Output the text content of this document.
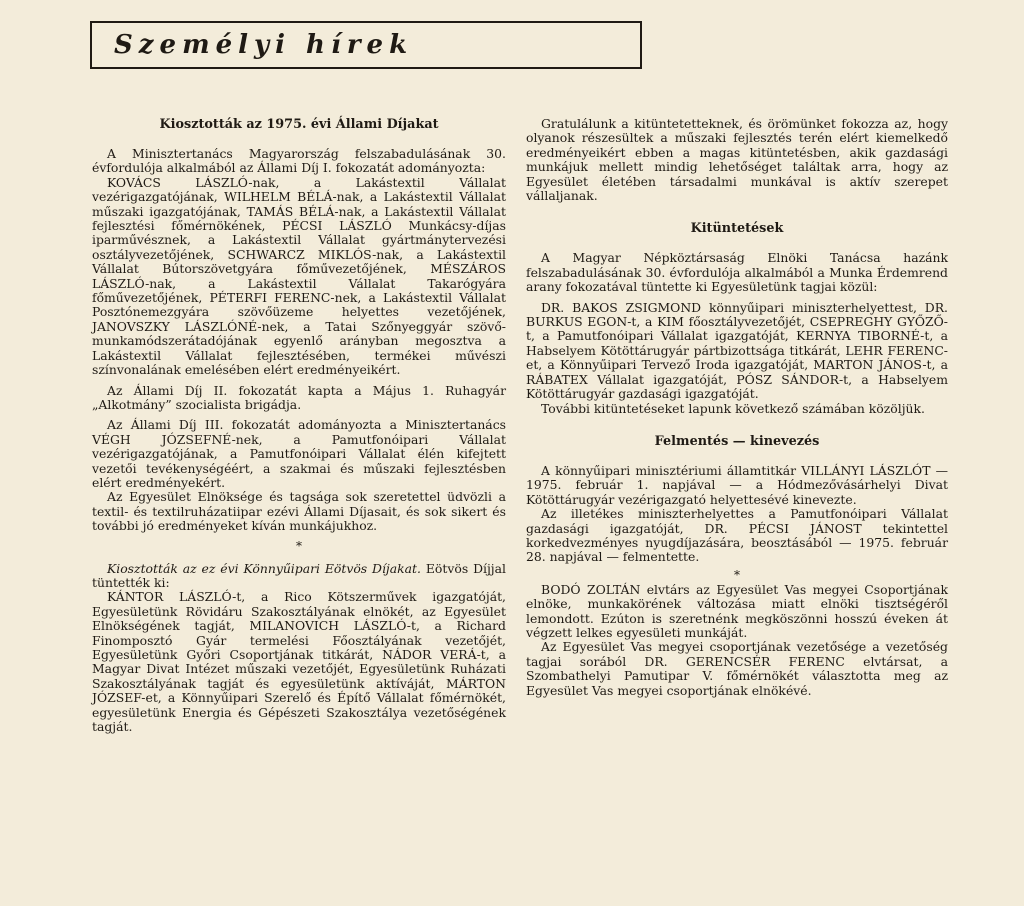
Személyi hírek
Kiosztották az 1975. évi Állami Díjakat

A Minisztertanács Magyarország felszabadulásának 30. évfordulója alkalmából az Állami Díj I. fokozatát adományozta:

KOVÁCS LÁSZLÓ-nak, a Lakástextil Vállalat vezérigazgatójának, WILHELM BÉLÁ-nak, a Lakástextil Vállalat műszaki igazgatójának, TAMÁS BÉLÁ-nak, a Lakástextil Vállalat fejlesztési főmérnökének, PÉCSI LÁSZLÓ Munkácsy-díjas iparművésznek, a Lakástextil Vállalat gyártmánytervezési osztályvezetőjének, SCHWARCZ MIKLÓS-nak, a Lakástextil Vállalat Bútorszövetgyára főművezetőjének, MÉSZÁROS LÁSZLÓ-nak, a Lakástextil Vállalat Takarógyára főművezetőjének, PÉTERFI FERENC-nek, a Lakástextil Vállalat Posztónemezgyára szövőüzeme helyettes vezetőjének, JANOVSZKY LÁSZLÓNÉ-nek, a Tatai Szőnyeggyár szövő-munkamódszerátadójának egyenlő arányban megosztva a Lakástextil Vállalat fejlesztésében, termékei művészi színvonalának emelésében elért eredményeikért.

Az Állami Díj II. fokozatát kapta a Május 1. Ruhagyár „Alkotmány” szocialista brigádja.

Az Állami Díj III. fokozatát adományozta a Minisztertanács VÉGH JÓZSEFNÉ-nek, a Pamutfonóipari Vállalat vezérigazgatójának, a Pamutfonóipari Vállalat élén kifejtett vezetői tevékenységéért, a szakmai és műszaki fejlesztésben elért eredményekért.

Az Egyesület Elnöksége és tagsága sok szeretettel üdvözli a textil- és textilruházatiipar ezévi Állami Díjasait, és sok sikert és további jó eredményeket kíván munkájukhoz.

*

Kiosztották az ez évi Könnyűipari Eötvös Díjakat. Eötvös Díjjal tüntették ki:

KÁNTOR LÁSZLÓ-t, a Rico Kötszerművek igazgatóját, Egyesületünk Rövidáru Szakosztályának elnökét, az Egyesület Elnökségének tagját, MILANOVICH LÁSZLÓ-t, a Richard Finomposztó Gyár termelési Főosztályának vezetőjét, Egyesületünk Győri Csoportjának titkárát, NÁDOR VERÁ-t, a Magyar Divat Intézet műszaki vezetőjét, Egyesületünk Ruházati Szakosztályának tagját és egyesületünk aktíváját, MÁRTON JÓZSEF-et, a Könnyűipari Szerelő és Építő Vállalat főmérnökét, egyesületünk Energia és Gépészeti Szakosztálya vezetőségének tagját.

Gratulálunk a kitüntetetteknek, és örömünket fokozza az, hogy olyanok részesültek a műszaki fejlesztés terén elért kiemelkedő eredményeikért ebben a magas kitüntetésben, akik gazdasági munkájuk mellett mindig lehetőséget találtak arra, hogy az Egyesület életében társadalmi munkával is aktív szerepet vállaljanak.

Kitüntetések

A Magyar Népköztársaság Elnöki Tanácsa hazánk felszabadulásának 30. évfordulója alkalmából a Munka Érdemrend arany fokozatával tüntette ki Egyesületünk tagjai közül:

DR. BAKOS ZSIGMOND könnyűipari miniszterhelyettest, DR. BURKUS EGON-t, a KIM főosztályvezetőjét, CSEPREGHY GYŐZŐ-t, a Pamutfonóipari Vállalat igazgatóját, KERNYA TIBORNÉ-t, a Habselyem Kötöttárugyár pártbizottsága titkárát, LEHR FERENC-et, a Könnyűipari Tervező Iroda igazgatóját, MARTON JÁNOS-t, a RÁBATEX Vállalat igazgatóját, PÓSZ SÁNDOR-t, a Habselyem Kötöttárugyár gazdasági igazgatóját.

További kitüntetéseket lapunk következő számában közöljük.

Felmentés — kinevezés

A könnyűipari minisztériumi államtitkár VILLÁNYI LÁSZLÓT — 1975. február 1. napjával — a Hódmezővásárhelyi Divat Kötöttárugyár vezérigazgató helyettesévé kinevezte.

Az illetékes miniszterhelyettes a Pamutfonóipari Vállalat gazdasági igazgatóját, DR. PÉCSI JÁNOST tekintettel korkedvezményes nyugdíjazására, beosztásából — 1975. február 28. napjával — felmentette.

*

BODÓ ZOLTÁN elvtárs az Egyesület Vas megyei Csoportjának elnöke, munkakörének változása miatt elnöki tisztségéről lemondott. Ezúton is szeretnénk megköszönni hosszú éveken át végzett lelkes egyesületi munkáját.

Az Egyesület Vas megyei csoportjának vezetősége a vezetőség tagjai sorából DR. GERENCSÉR FERENC elvtársat, a Szombathelyi Pamutipar V. főmérnökét választotta meg az Egyesület Vas megyei csoportjának elnökévé.
